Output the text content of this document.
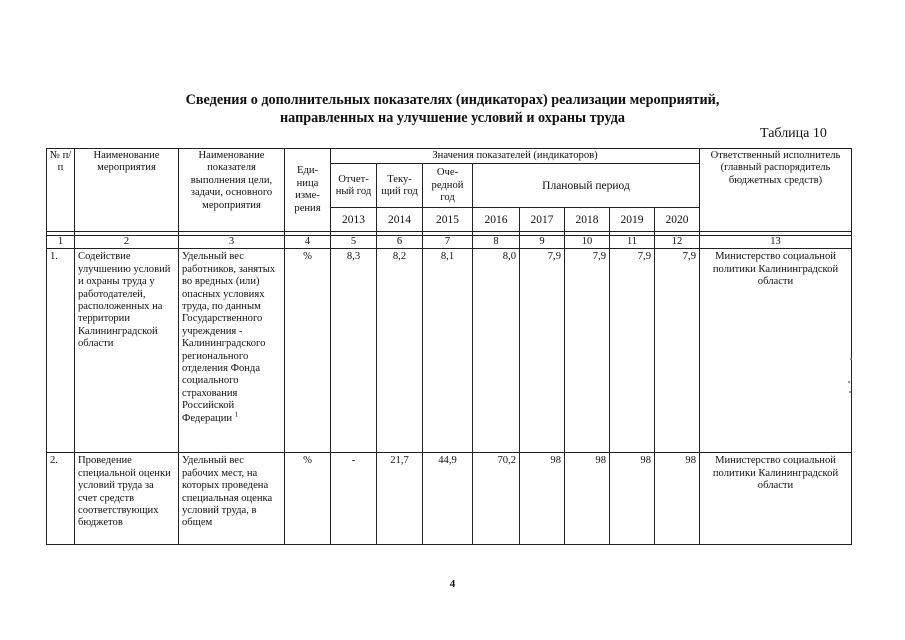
Сведения о дополнительных показателях (индикаторах) реализации мероприятий,
направленных на улучшение условий и охраны труда
Таблица 10
№ п/п	Наименование мероприятия	Наименование показателя выполнения цели, задачи, основного мероприятия	Еди- ница изме- рения	Значения показателей (индикаторов)								Ответственный исполнитель (главный распорядитель бюджетных средств)
				Отчет- ный год	Теку- щий год	Оче- редной год	Плановый период					
				2013	2014	2015	2016	2017	2018	2019	2020	

1	2	3	4	5	6	7	8	9	10	11	12	13
1.	Содействие улучшению условий и охраны труда у работодателей, расположенных на территории Калининградской области	Удельный вес работников, занятых во вредных (или) опасных условиях труда, по данным Государственного учреждения - Калининградского регионального отделения Фонда социального страхования Российской Федерации $^1$	%	8,3	8,2	8,1	8,0	7,9	7,9	7,9	7,9	Министерство социальной политики Калининградской области
2.	Проведение специальной оценки условий труда за счет средств соответствующих бюджетов	Удельный вес рабочих мест, на которых проведена специальная оценка условий труда, в общем	%	-	21,7	44,9	70,2	98	98	98	98	Министерство социальной политики Калининградской области
4
